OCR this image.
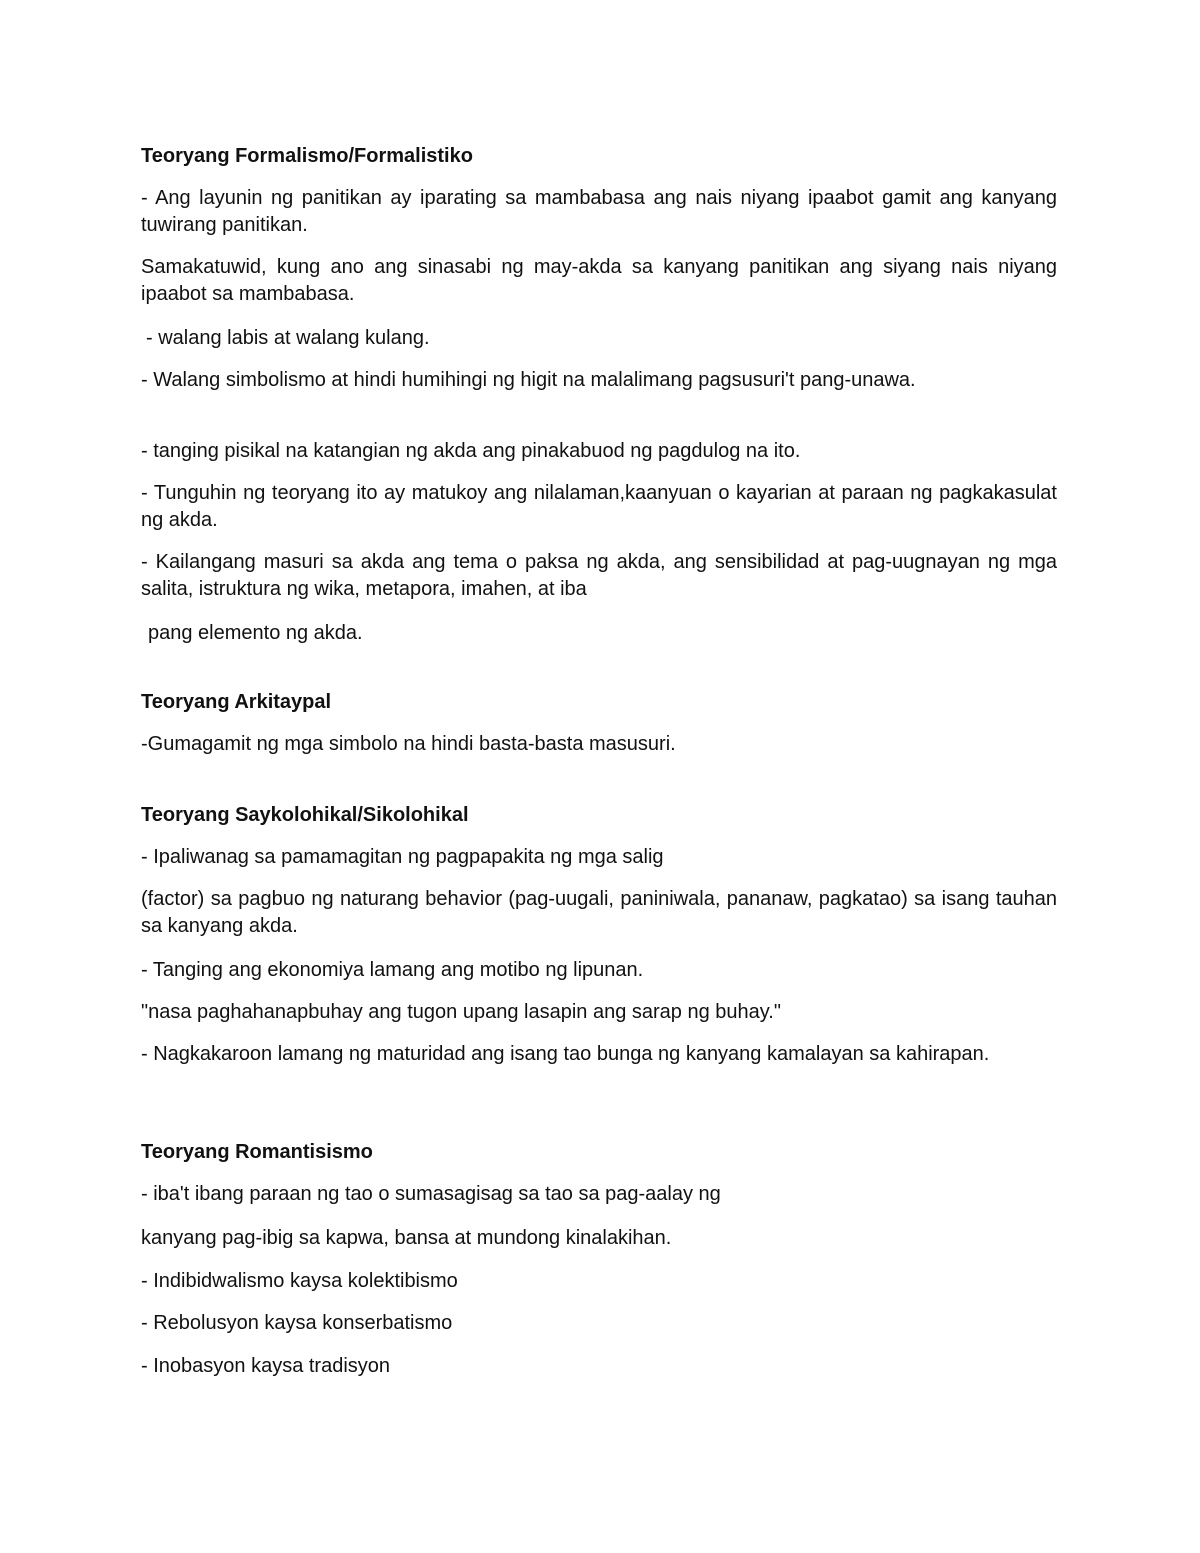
Teoryang Formalismo/Formalistiko
- Ang layunin ng panitikan ay iparating sa mambabasa ang nais niyang ipaabot gamit ang kanyang tuwirang panitikan.
Samakatuwid, kung ano ang sinasabi ng may-akda sa kanyang panitikan ang siyang nais niyang ipaabot sa mambabasa.
- walang labis at walang kulang.
- Walang simbolismo at hindi humihingi ng higit na malalimang pagsusuri't pang-unawa.
- tanging pisikal na katangian ng akda ang pinakabuod ng pagdulog na ito.
- Tunguhin ng teoryang ito ay matukoy ang nilalaman,kaanyuan o kayarian at paraan ng pagkakasulat ng akda.
- Kailangang masuri sa akda ang tema o paksa ng akda, ang sensibilidad at pag-uugnayan ng mga salita, istruktura ng wika, metapora, imahen, at iba
pang elemento ng akda.
Teoryang Arkitaypal
-Gumagamit ng mga simbolo na hindi basta-basta masusuri.
Teoryang Saykolohikal/Sikolohikal
- Ipaliwanag sa pamamagitan ng pagpapakita ng mga salig
(factor) sa pagbuo ng naturang behavior (pag-uugali, paniniwala, pananaw, pagkatao) sa isang tauhan sa kanyang akda.
- Tanging ang ekonomiya lamang ang motibo ng lipunan.
"nasa paghahanapbuhay ang tugon upang lasapin ang sarap ng buhay."
- Nagkakaroon lamang ng maturidad ang isang tao bunga ng kanyang kamalayan sa kahirapan.
Teoryang Romantisismo
- iba't ibang paraan ng tao o sumasagisag sa tao sa pag-aalay ng
kanyang pag-ibig sa kapwa, bansa at mundong kinalakihan.
- Indibidwalismo kaysa kolektibismo
- Rebolusyon kaysa konserbatismo
- Inobasyon kaysa tradisyon
